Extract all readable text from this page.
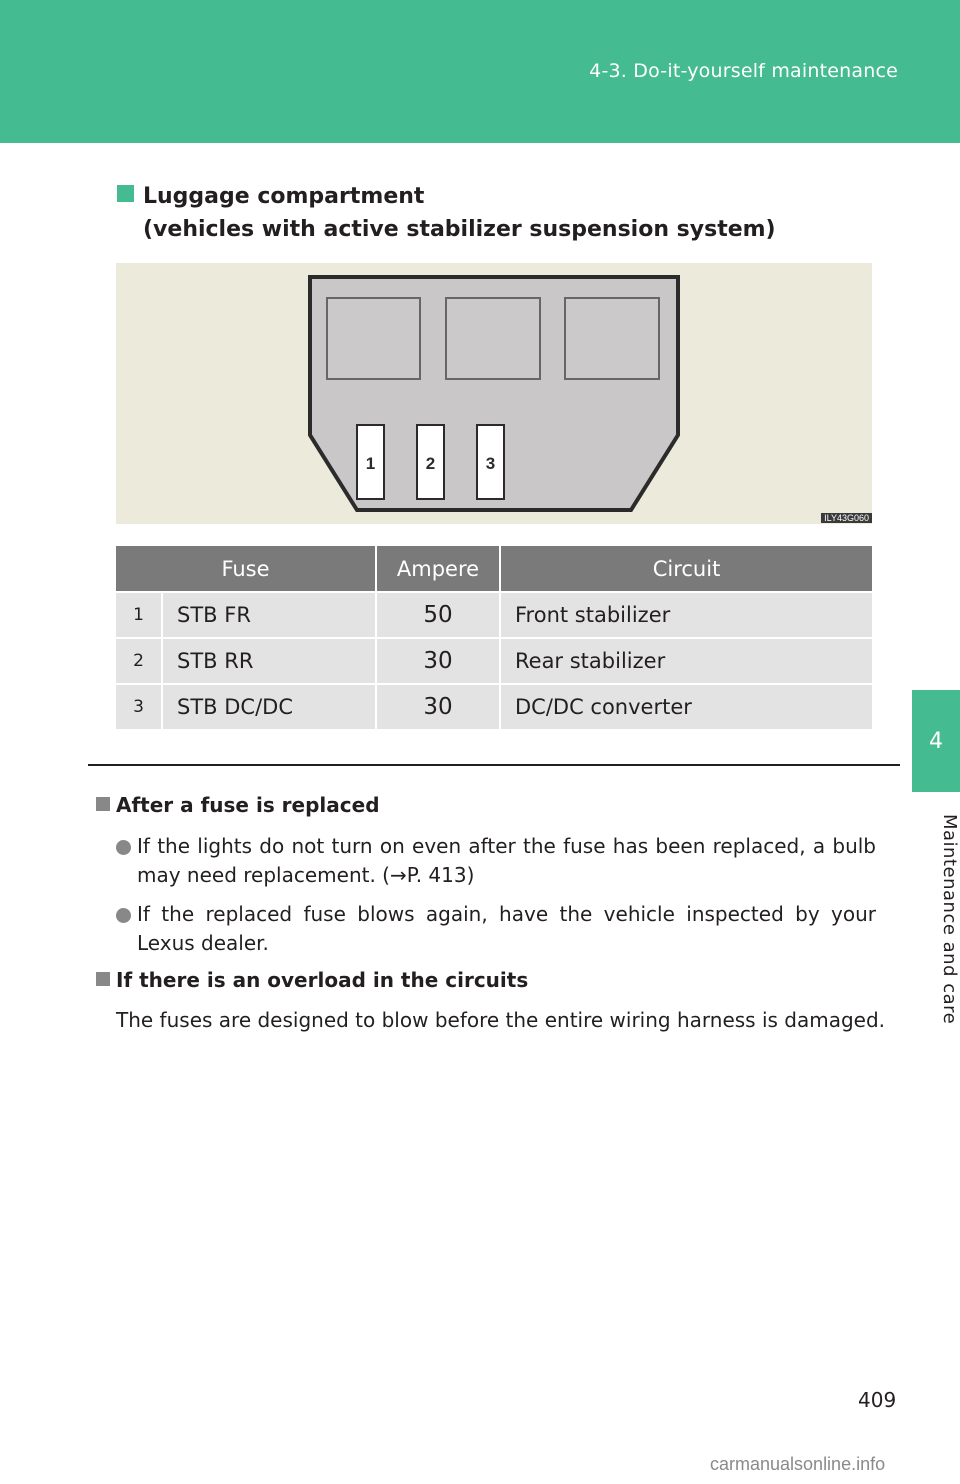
4-3. Do-it-yourself maintenance
4
Maintenance and care
Luggage compartment
(vehicles with active stabilizer suspension system)
1	2	3
ILY43G060
Fuse		Ampere	Circuit
1	STB FR	50	Front stabilizer
2	STB RR	30	Rear stabilizer
3	STB DC/DC	30	DC/DC converter
After a fuse is replaced
If the lights do not turn on even after the fuse has been replaced, a bulb may need replacement. (→P. 413)
If the replaced fuse blows again, have the vehicle inspected by your Lexus dealer.
If there is an overload in the circuits
The fuses are designed to blow before the entire wiring harness is damaged.
409
carmanualsonline.info
